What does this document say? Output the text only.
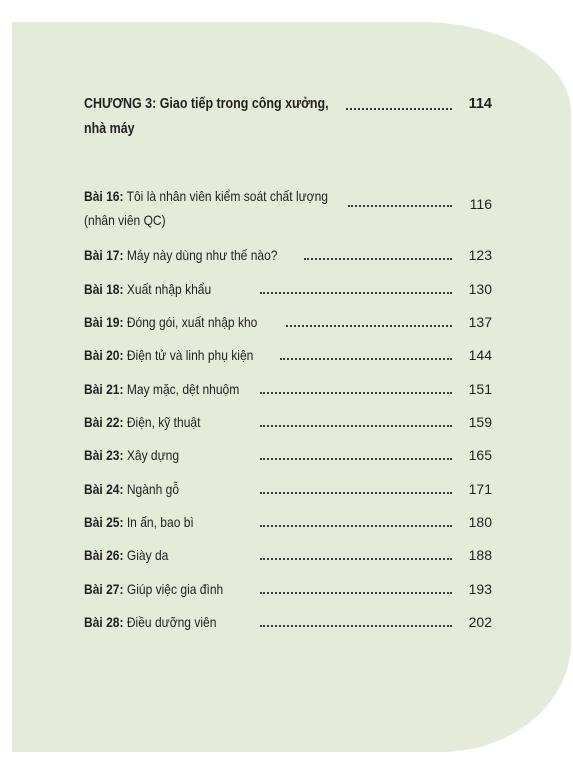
CHƯƠNG 3: Giao tiếp trong công xưởng,	114
nhà máy
Bài 16: Tôi là nhân viên kiểm soát chất lượng	116
(nhân viên QC)
Bài 17: Máy này dùng như thế nào?	123
Bài 18: Xuất nhập khẩu	130
Bài 19: Đóng gói, xuất nhập kho	137
Bài 20: Điện tử và linh phụ kiện	144
Bài 21: May mặc, dệt nhuộm	151
Bài 22: Điện, kỹ thuật	159
Bài 23: Xây dựng	165
Bài 24: Ngành gỗ	171
Bài 25: In ấn, bao bì	180
Bài 26: Giày da	188
Bài 27: Giúp việc gia đình	193
Bài 28: Điều dưỡng viên	202
